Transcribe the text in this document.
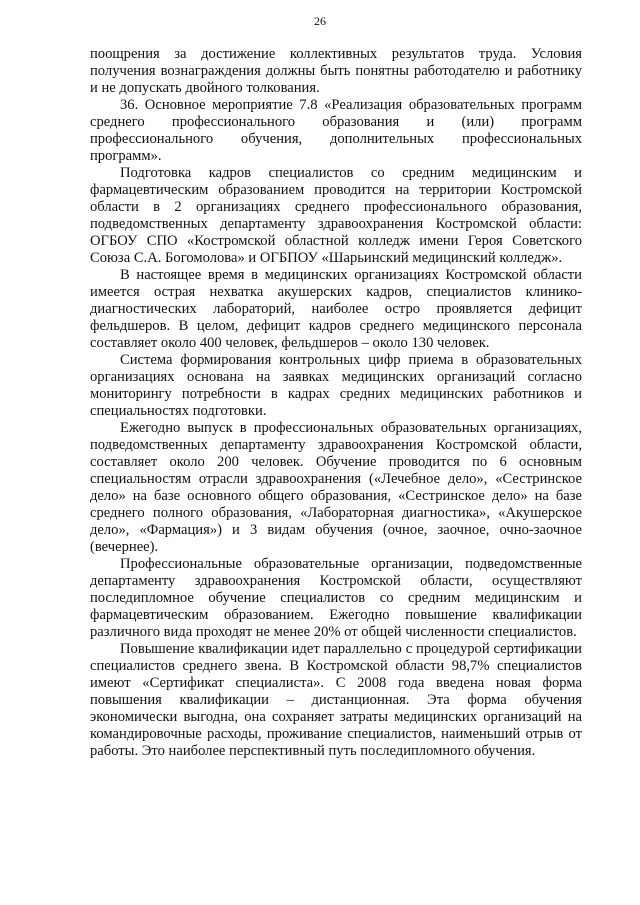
26

поощрения за достижение коллективных результатов труда. Условия получения вознаграждения должны быть понятны работодателю и работнику и не допускать двойного толкования.

36. Основное мероприятие 7.8 «Реализация образовательных программ среднего профессионального образования и (или) программ профессионального обучения, дополнительных профессиональных программ».

Подготовка кадров специалистов со средним медицинским и фармацевтическим образованием проводится на территории Костромской области в 2 организациях среднего профессионального образования, подведомственных департаменту здравоохранения Костромской области: ОГБОУ СПО «Костромской областной колледж имени Героя Советского Союза С.А. Богомолова» и ОГБПОУ «Шарьинский медицинский колледж».

В настоящее время в медицинских организациях Костромской области имеется острая нехватка акушерских кадров, специалистов клинико-диагностических лабораторий, наиболее остро проявляется дефицит фельдшеров. В целом, дефицит кадров среднего медицинского персонала составляет около 400 человек, фельдшеров – около 130 человек.

Система формирования контрольных цифр приема в образовательных организациях основана на заявках медицинских организаций согласно мониторингу потребности в кадрах средних медицинских работников и специальностях подготовки.

Ежегодно выпуск в профессиональных образовательных организациях, подведомственных департаменту здравоохранения Костромской области, составляет около 200 человек. Обучение проводится по 6 основным специальностям отрасли здравоохранения («Лечебное дело», «Сестринское дело» на базе основного общего образования, «Сестринское дело» на базе среднего полного образования, «Лабораторная диагностика», «Акушерское дело», «Фармация») и 3 видам обучения (очное, заочное, очно-заочное (вечернее).

Профессиональные образовательные организации, подведомственные департаменту здравоохранения Костромской области, осуществляют последипломное обучение специалистов со средним медицинским и фармацевтическим образованием. Ежегодно повышение квалификации различного вида проходят не менее 20% от общей численности специалистов.

Повышение квалификации идет параллельно с процедурой сертификации специалистов среднего звена. В Костромской области 98,7% специалистов имеют «Сертификат специалиста». С 2008 года введена новая форма повышения квалификации – дистанционная. Эта форма обучения экономически выгодна, она сохраняет затраты медицинских организаций на командировочные расходы, проживание специалистов, наименьший отрыв от работы. Это наиболее перспективный путь последипломного обучения.
